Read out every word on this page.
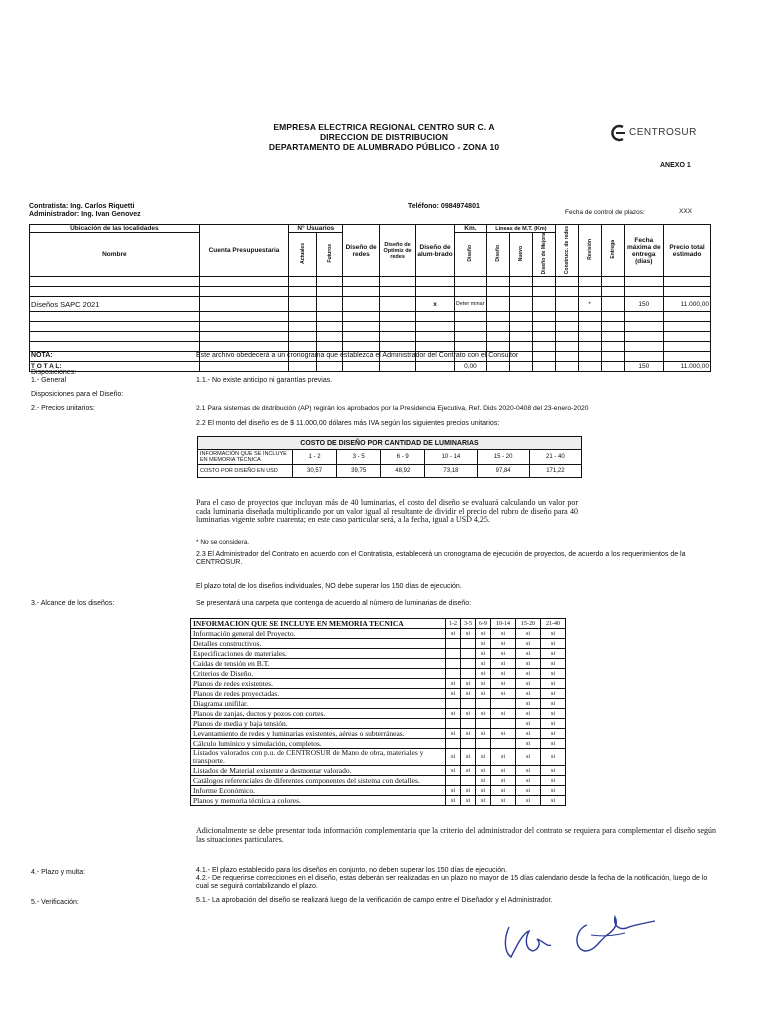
EMPRESA ELECTRICA REGIONAL CENTRO SUR C. A
DIRECCION DE DISTRIBUCION
DEPARTAMENTO DE ALUMBRADO PÚBLICO - ZONA 10
CENTROSUR
ANEXO 1
Contratista: Ing. Carlos Riquetti
Administrador: Ing. Ivan Genovez
Teléfono: 0984974801
Fecha de control de plazos:	XXX
Ubicación de las localidades	Cuenta Presupuestaria	N° Usuarios		Diseño de redes	Diseño de Optimiz de redes	Diseño de alum-brado	Km.	Líneas de M.T. (Km)			Construcc. de redes	Revisión	Entrega	Fecha máxima de entrega (días)	Precio total estimado
Nombre		Actuales	Futuros				Diseño	Diseño	Nuevo	Diseño de Mejora					

Diseños SAPC 2021						x	Deter minar					*		150	11.000,00

T O T A L:							0,00							150	11.000,00
NOTA:	Este archivo obedecerá a un cronograma que establezca el Administrador del Contrato con el Consultor
Disposiciones:
1.- General	1.1.- No existe anticipo ni garantías previas.
Disposiciones para el Diseño:
2.- Precios unitarios:	2.1 Para sistemas de distribución (AP) regirán los aprobados por la Presidencia Ejecutiva, Ref. Dids 2020-0408 del 23-enero-2020
2.2 El monto del diseño es de $ 11.000,00 dólares más IVA según los siguientes precios unitarios:
COSTO DE DISEÑO POR CANTIDAD DE LUMINARIAS						
INFORMACIÓN QUE SE INCLUYE EN MEMORIA TÉCNICA	1 - 2	3 - 5	6 - 9	10 - 14	15 - 20	21 - 40
COSTO POR DISEÑO EN USD	30,57	39,75	48,92	73,18	97,84	171,22
Para el caso de proyectos que incluyan más de 40 luminarias, el costo del diseño se evaluará calculando un valor por cada luminaria diseñada multiplicando por un valor igual al resultante de dividir el precio del rubro de diseño para 40 luminarias vigente sobre cuarenta; en este caso particular será, a la fecha, igual a USD 4,25.
* No se considera.
2.3 El Administrador del Contrato en acuerdo con el Contratista, establecerá un cronograma de ejecución de proyectos, de acuerdo a los requerimientos de la CENTROSUR.
El plazo total de los diseños individuales, NO debe superar los 150 días de ejecución.
3.- Alcance de los diseños:	Se presentará una carpeta que contenga de acuerdo al número de luminarias de diseño:
INFORMACION QUE SE INCLUYE EN MEMORIA TECNICA	1-2	3-5	6-9	10-14	15-20	21-40
Información general del Proyecto.	si	si	si	si	si	si
Detalles constructivos.			si	si	si	si
Especificaciones de materiales.			si	si	si	si
Caídas de tensión en B.T.			si	si	si	si
Criterios de Diseño.			si	si	si	si
Planos de redes existentes.	si	si	si	si	si	si
Planos de redes proyectadas.	si	si	si	si	si	si
Diagrama unifilar.					si	si
Planos de zanjas, ductos y pozos con cortes.	si	si	si	si	si	si
Planos de media y baja tensión.					si	si
Levantamiento de redes y luminarias existentes, aéreas o subterráneas.	si	si	si	si	si	si
Cálculo lumínico y simulación, completos.					si	si
Listados valorados con p.u. de CENTROSUR de Mano de obra, materiales y transporte.	si	si	si	si	si	si
Listados de Material existente a desmontar valorado.	si	si	si	si	si	si
Catálogos referenciales de diferentes componentes del sistema con detalles.			si	si	si	si
Informe Económico.	si	si	si	si	si	si
Planos y memoria técnica a colores.	si	si	si	si	si	si
Adicionalmente se debe presentar toda información complementaria que la criterio del administrador del contrato se requiera para complementar el diseño según las situaciones particulares.
4.- Plazo y multa:	4.1.- El plazo establecido para los diseños en conjunto, no deben superar los 150 días de ejecución.
4.2.- De requerirse correcciones en el diseño, estas deberán ser realizadas en un plazo no mayor de 15 días calendario desde la fecha de la notificación, luego de lo cual se seguirá contabilizando el plazo.
5.- Verificación:	5.1.- La aprobación del diseño se realizará luego de la verificación de campo entre el Diseñador y el Administrador.
